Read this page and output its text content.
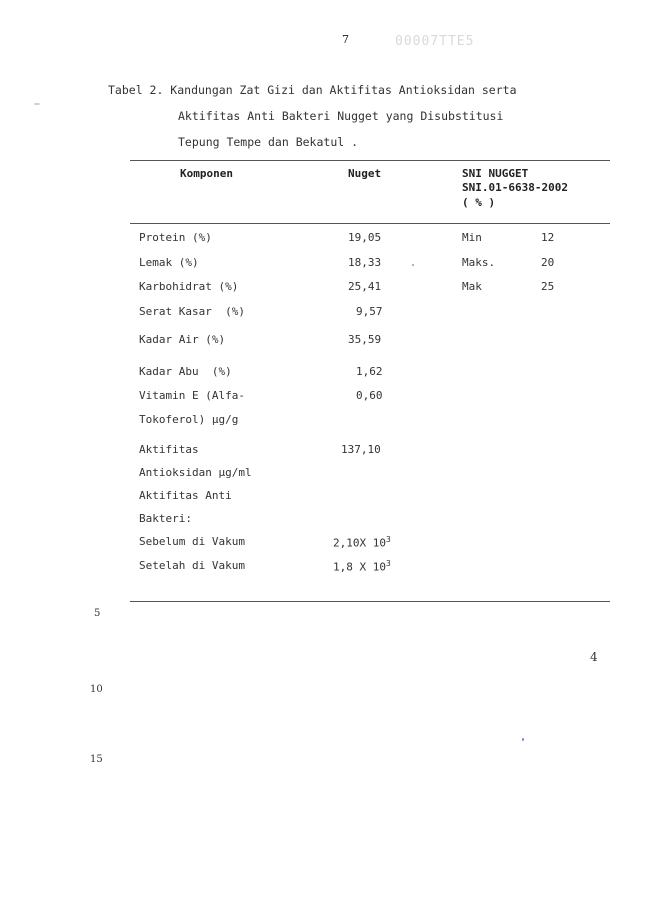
7	00007TTE5
Tabel 2. Kandungan Zat Gizi dan Aktifitas Antioksidan serta
Aktifitas Anti Bakteri Nugget yang Disubstitusi
Tepung Tempe dan Bekatul .
Komponen	Nuget	SNI NUGGET
SNI.01-6638-2002
( % )
Protein (%)	19,05	Min	12
Lemak (%)	18,33	Maks.	20
Karbohidrat (%)	25,41	Mak	25
Serat Kasar  (%)	9,57
Kadar Air (%)	35,59
Kadar Abu  (%)	1,62
Vitamin E (Alfa-	0,60
Tokoferol) µg/g
Aktifitas	137,10
Antioksidan µg/ml
Aktifitas Anti
Bakteri:
Sebelum di Vakum	2,10X $10^3$
Setelah di Vakum	1,8 X $10^3$
4
5
10
15
